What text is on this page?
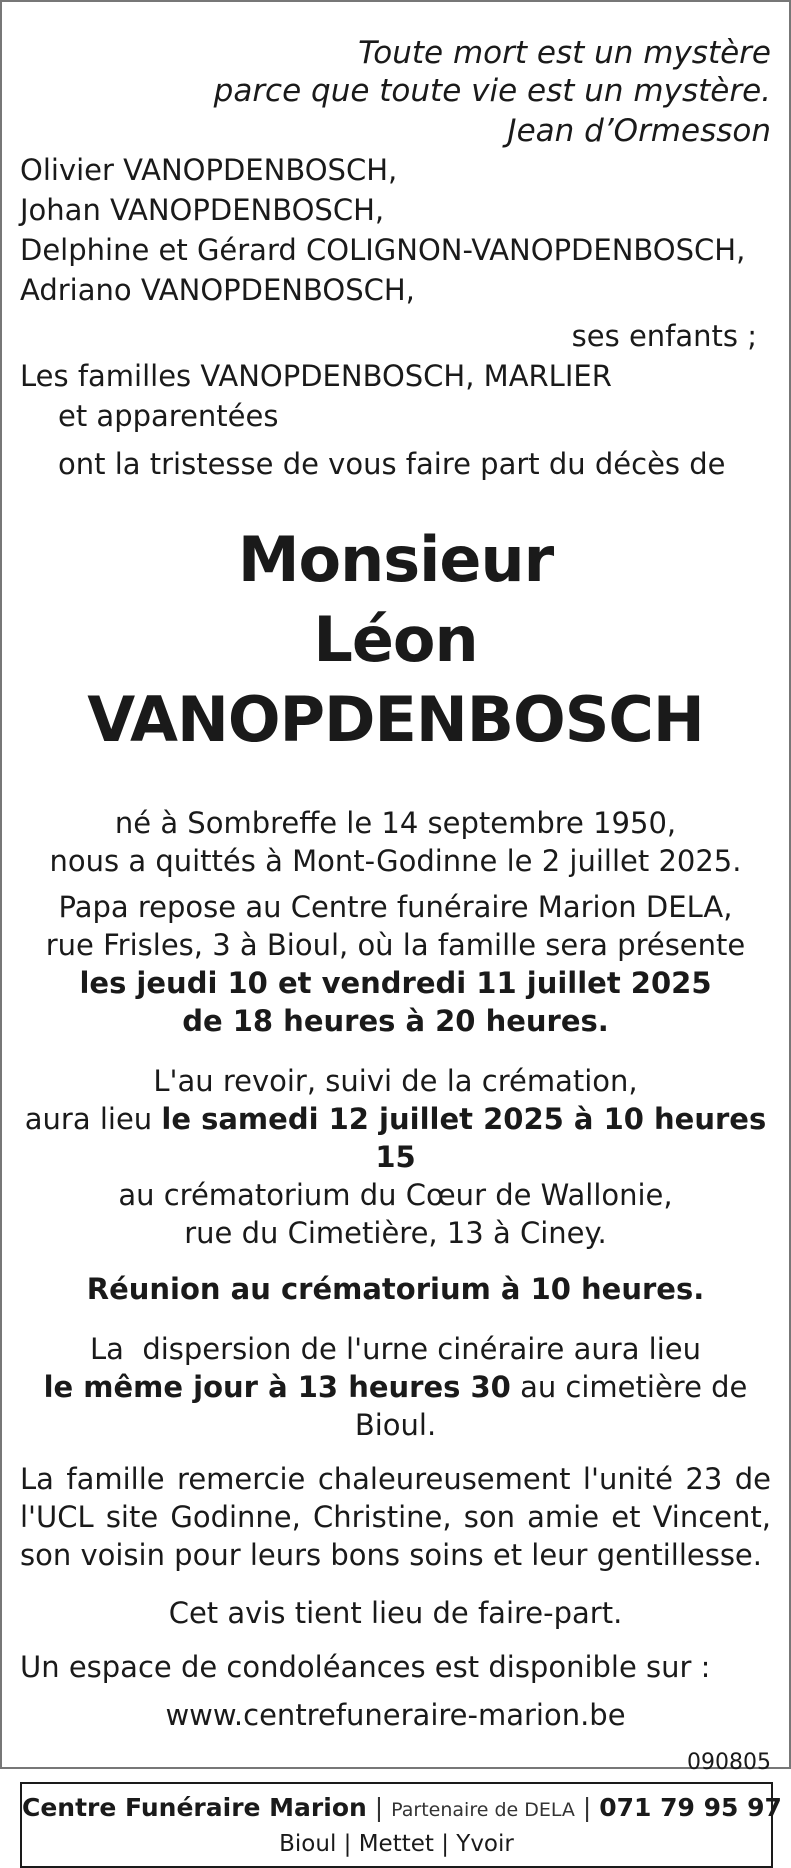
Toute mort est un mystère
parce que toute vie est un mystère.
Jean d’Ormesson
Olivier VANOPDENBOSCH,
Johan VANOPDENBOSCH,
Delphine et Gérard COLIGNON-VANOPDENBOSCH,
Adriano VANOPDENBOSCH,
ses enfants ;
Les familles VANOPDENBOSCH, MARLIER
et apparentées
ont la tristesse de vous faire part du décès de
Monsieur
Léon VANOPDENBOSCH
né à Sombreffe le 14 septembre 1950,
nous a quittés à Mont-Godinne le 2 juillet 2025.
Papa repose au Centre funéraire Marion DELA,
rue Frisles, 3 à Bioul, où la famille sera présente
les jeudi 10 et vendredi 11 juillet 2025
de 18 heures à 20 heures.
L'au revoir, suivi de la crémation,
aura lieu le samedi 12 juillet 2025 à 10 heures 15
au crématorium du Cœur de Wallonie,
rue du Cimetière, 13 à Ciney.
Réunion au crématorium à 10 heures.
La  dispersion de l'urne cinéraire aura lieu
le même jour à 13 heures 30 au cimetière de Bioul.
La famille remercie chaleureusement l'unité 23 de l'UCL site Godinne, Christine, son amie et Vincent, son voisin pour leurs bons soins et leur gentillesse.
Cet avis tient lieu de faire-part.
Un espace de condoléances est disponible sur :
www.centrefuneraire-marion.be
090805
Centre Funéraire Marion | Partenaire de DELA | 071 79 95 97
Bioul | Mettet | Yvoir
